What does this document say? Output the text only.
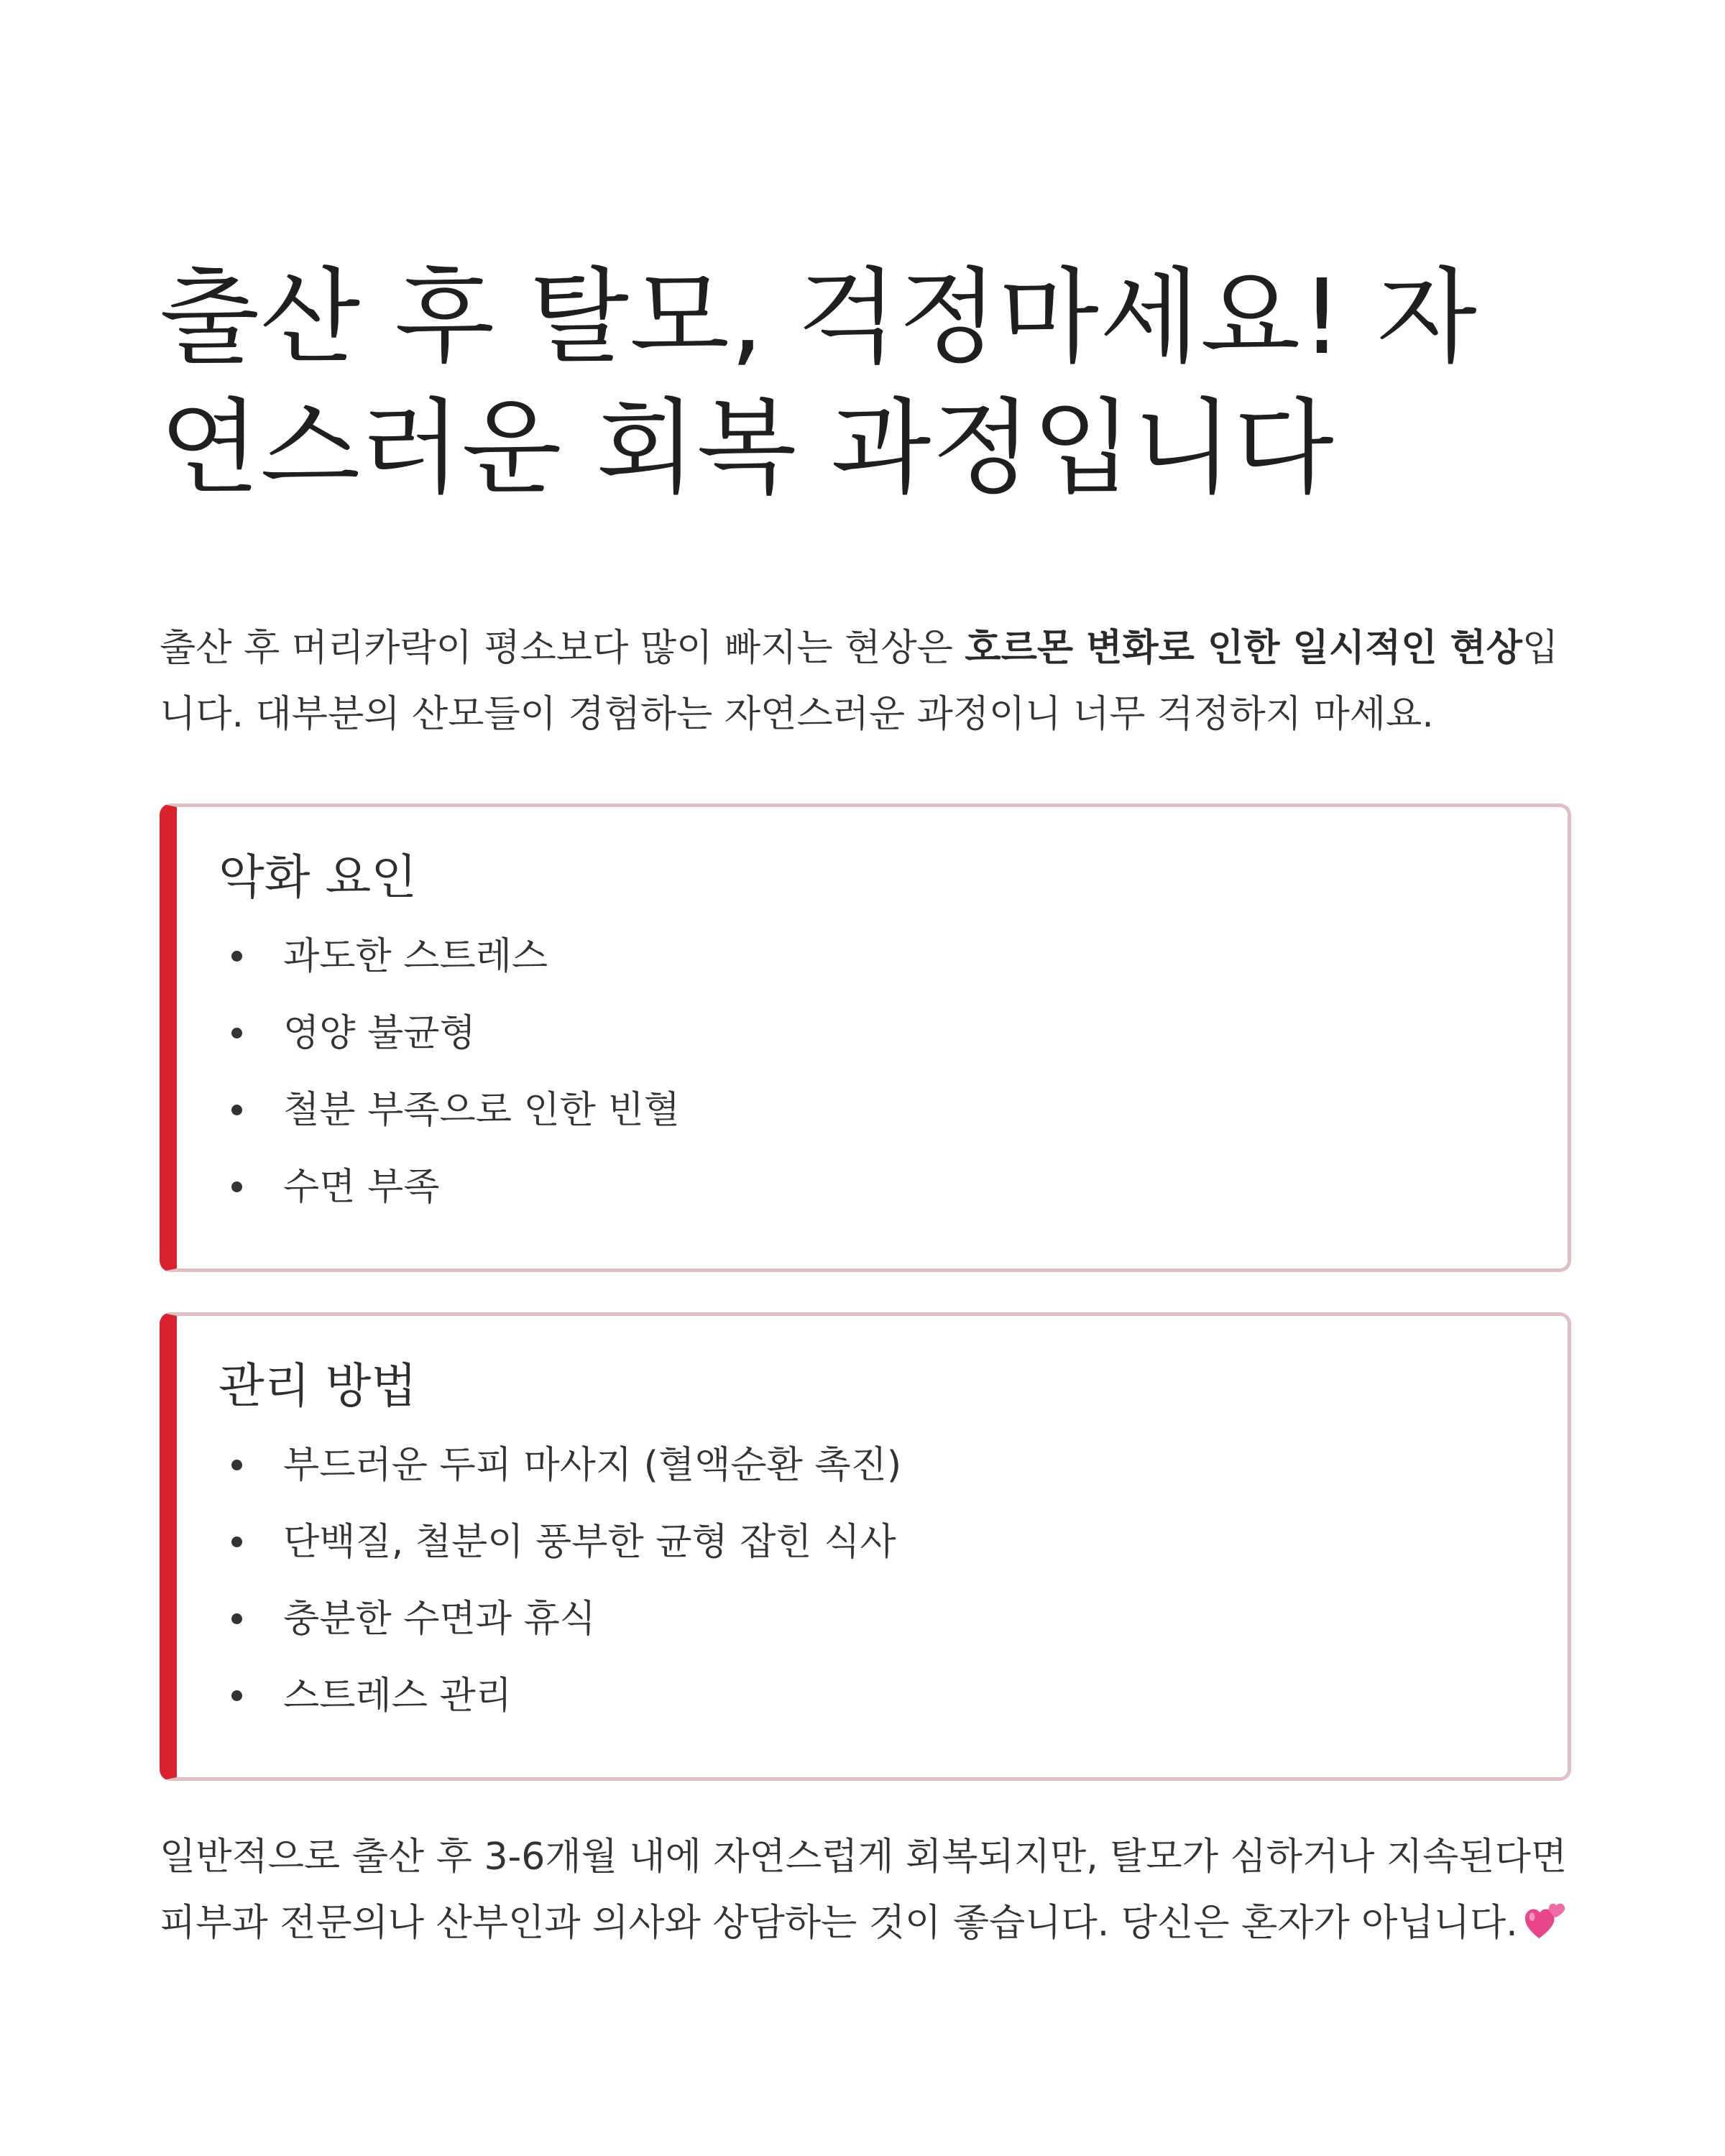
출산 후 탈모, 걱정마세요! 자연스러운 회복 과정입니다

출산 후 머리카락이 평소보다 많이 빠지는 현상은 호르몬 변화로 인한 일시적인 현상입니다. 대부분의 산모들이 경험하는 자연스러운 과정이니 너무 걱정하지 마세요.

악화 요인
과도한 스트레스
영양 불균형
철분 부족으로 인한 빈혈
수면 부족
관리 방법
부드러운 두피 마사지 (혈액순환 촉진)
단백질, 철분이 풍부한 균형 잡힌 식사
충분한 수면과 휴식
스트레스 관리

일반적으로 출산 후 3-6개월 내에 자연스럽게 회복되지만, 탈모가 심하거나 지속된다면 피부과 전문의나 산부인과 의사와 상담하는 것이 좋습니다. 당신은 혼자가 아닙니다.
